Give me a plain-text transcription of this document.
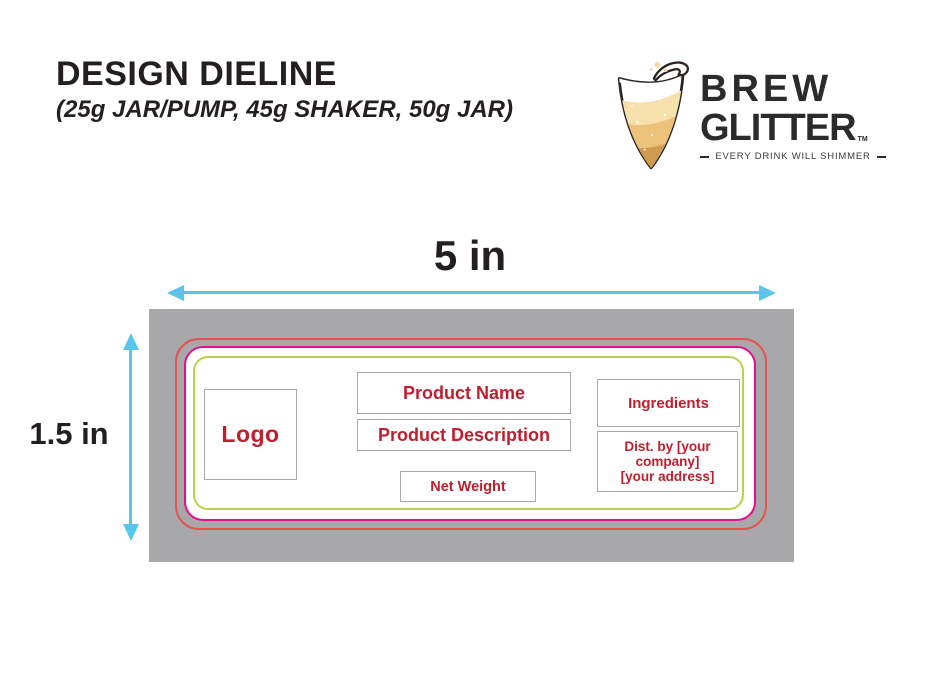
DESIGN DIELINE
(25g JAR/PUMP, 45g SHAKER, 50g JAR)	BREW
GLITTER TM
EVERY DRINK WILL SHIMMER
5 in
1.5 in	Logo
Product Name
Product Description
Net Weight
Ingredients
Dist. by [your company]
[your address]
